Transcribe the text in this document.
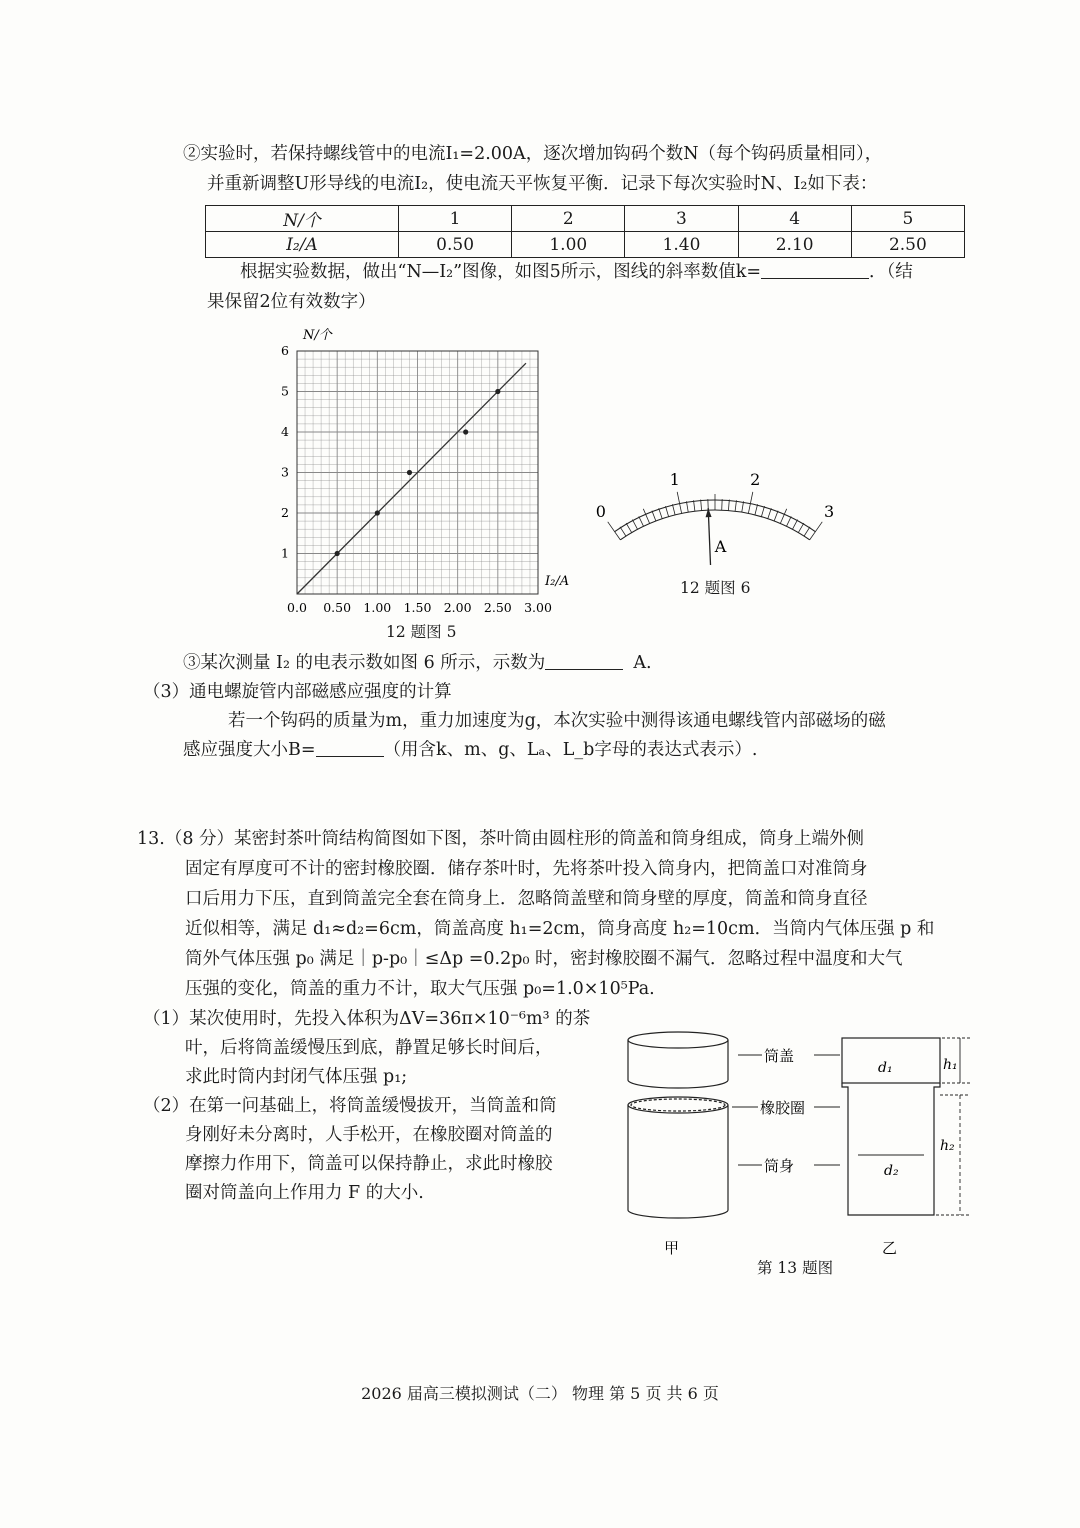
②实验时，若保持螺线管中的电流I₁=2.00A，逐次增加钩码个数N（每个钩码质量相同），
并重新调整U形导线的电流I₂，使电流天平恢复平衡．记录下每次实验时N、I₂如下表：
N/个	1	2	3	4	5
I₂/A	0.50	1.00	1.40	2.10	2.50
根据实验数据，做出“N—I₂”图像，如图5所示，图线的斜率数值k=	．（结
果保留2位有效数字）
0.0 0.50 1.00 1.50 2.00 2.50 3.00
1
2
3
4
5
6
N/个
I₂/A
12 题图 5
0
1	2
3
A
12 题图 6
③某次测量 I₂ 的电表示数如图 6 所示，示数为	A.
（3）通电螺旋管内部磁感应强度的计算
若一个钩码的质量为m，重力加速度为g，本次实验中测得该通电螺线管内部磁场的磁
感应强度大小B=	（用含k、m、g、Lₐ、L_b字母的表达式表示）.
13.（8 分）某密封茶叶筒结构简图如下图，茶叶筒由圆柱形的筒盖和筒身组成，筒身上端外侧
固定有厚度可不计的密封橡胶圈．储存茶叶时，先将茶叶投入筒身内，把筒盖口对准筒身
口后用力下压，直到筒盖完全套在筒身上．忽略筒盖壁和筒身壁的厚度，筒盖和筒身直径
近似相等，满足 d₁≈d₂=6cm，筒盖高度 h₁=2cm，筒身高度 h₂=10cm．当筒内气体压强 p 和
筒外气体压强 p₀ 满足｜p-p₀｜≤Δp =0.2p₀ 时，密封橡胶圈不漏气．忽略过程中温度和大气
压强的变化，筒盖的重力不计，取大气压强 p₀=1.0×10⁵Pa.
（1）某次使用时，先投入体积为ΔV=36π×10⁻⁶m³ 的茶
叶，后将筒盖缓慢压到底，静置足够长时间后，
求此时筒内封闭气体压强 p₁;
（2）在第一问基础上，将筒盖缓慢拔开，当筒盖和筒
身刚好未分离时，人手松开，在橡胶圈对筒盖的
摩擦力作用下，筒盖可以保持静止，求此时橡胶
圈对筒盖向上作用力 F 的大小.
筒盖
橡胶圈
筒身
d₁
d₂
h₁
h₂
甲	乙
第 13 题图
2026 届高三模拟测试（二） 物理 第 5 页 共 6 页
